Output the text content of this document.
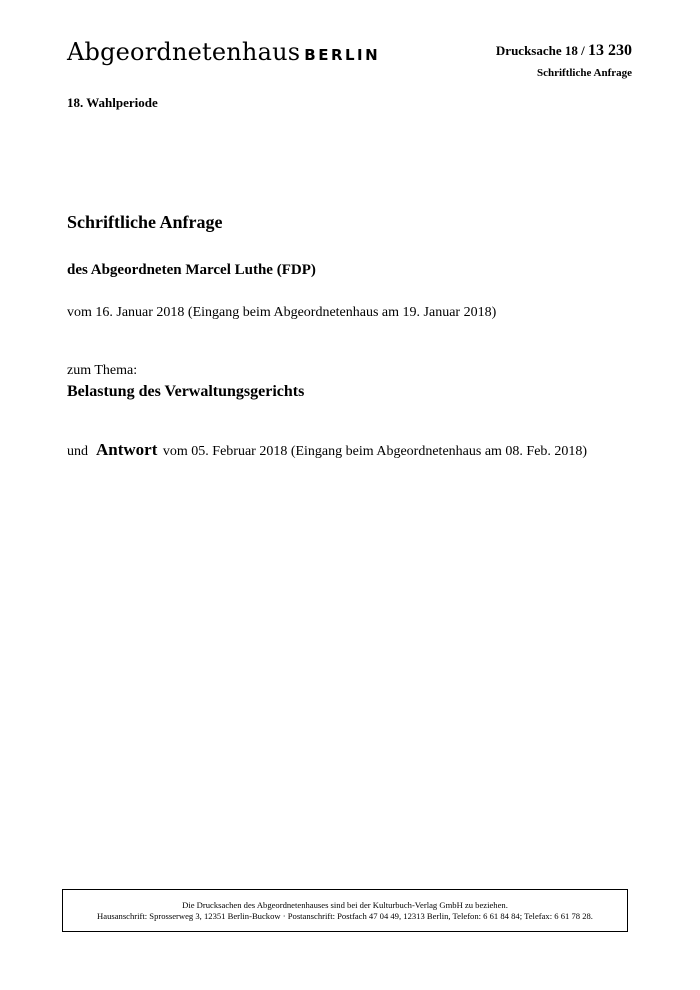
Abgeordnetenhaus BERLIN	Drucksache 18 / 13 230
Schriftliche Anfrage
18. Wahlperiode
Schriftliche Anfrage
des Abgeordneten Marcel Luthe (FDP)
vom 16. Januar 2018 (Eingang beim Abgeordnetenhaus am 19. Januar 2018)
zum Thema:
Belastung des Verwaltungsgerichts
und Antwort vom 05. Februar 2018 (Eingang beim Abgeordnetenhaus am 08. Feb. 2018)
Die Drucksachen des Abgeordnetenhauses sind bei der Kulturbuch-Verlag GmbH zu beziehen.
Hausanschrift: Sprosserweg 3, 12351 Berlin-Buckow · Postanschrift: Postfach 47 04 49, 12313 Berlin, Telefon: 6 61 84 84; Telefax: 6 61 78 28.
